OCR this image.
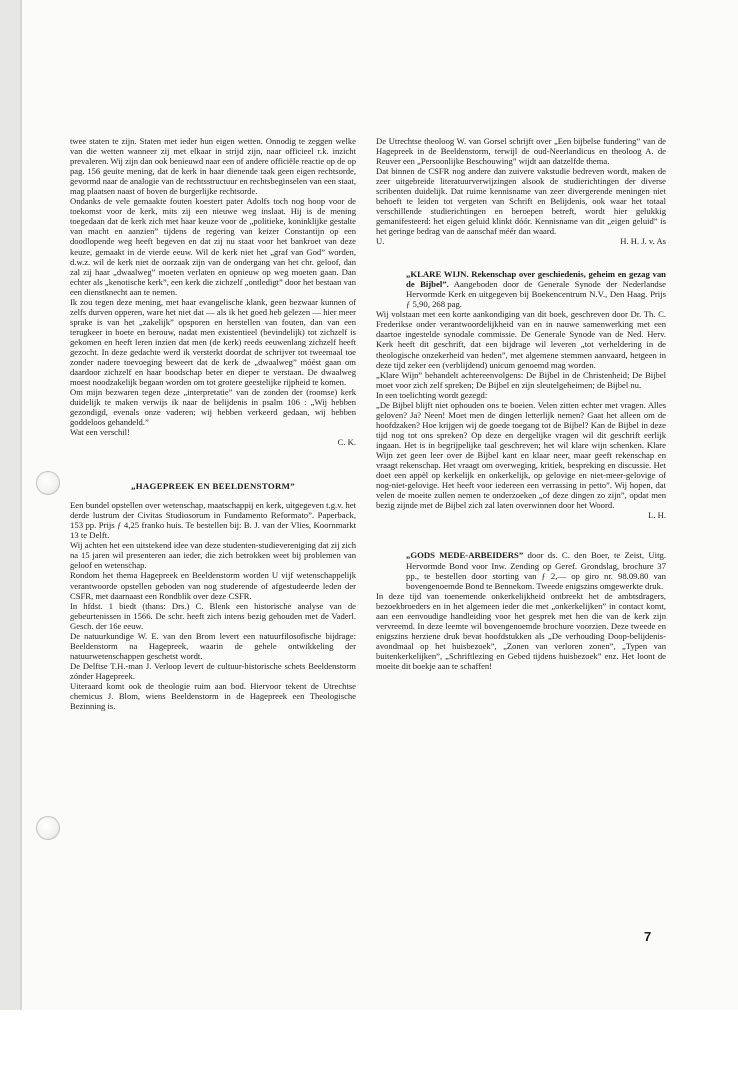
twee staten te zijn. Staten met ieder hun eigen wetten. Onnodig te zeggen welke van die wetten wanneer zij met elkaar in strijd zijn, naar officieel r.k. inzicht prevaleren. Wij zijn dan ook benieuwd naar een of andere officiële reactie op de op pag. 156 geuite mening, dat de kerk in haar dienende taak geen eigen rechtsorde, gevormd naar de analogie van de rechtsstructuur en rechtsbeginselen van een staat, mag plaatsen naast of boven de burgerlijke rechtsorde.

Ondanks de vele gemaakte fouten koestert pater Adolfs toch nog hoop voor de toekomst voor de kerk, mits zij een nieuwe weg inslaat. Hij is de mening toegedaan dat de kerk zich met haar keuze voor de „politieke, koninklijke gestalte van macht en aanzien” tijdens de regering van keizer Constantijn op een doodlopende weg heeft begeven en dat zij nu staat voor het bankroet van deze keuze, gemaakt in de vierde eeuw. Wil de kerk niet het „graf van God” worden, d.w.z. wil de kerk niet de oorzaak zijn van de ondergang van het chr. geloof, dan zal zij haar „dwaalweg” moeten verlaten en opnieuw op weg moeten gaan. Dan echter als „kenotische kerk”, een kerk die zichzelf „ontledigt” door het bestaan van een dienstknecht aan te nemen.

Ik zou tegen deze mening, met haar evangelische klank, geen bezwaar kunnen of zelfs durven opperen, ware het niet dat — als ik het goed heb gelezen — hier meer sprake is van het „zakelijk” opsporen en herstellen van fouten, dan van een terugkeer in boete en berouw, nadat men existentieel (bevindelijk) tot zichzelf is gekomen en heeft leren inzien dat men (de kerk) reeds eeuwenlang zichzelf heeft gezocht. In deze gedachte werd ik versterkt doordat de schrijver tot tweemaal toe zonder nadere toevoeging beweert dat de kerk de „dwaalweg” móést gaan om daardoor zichzelf en haar boodschap beter en dieper te verstaan. De dwaalweg moest noodzakelijk begaan worden om tot grotere geestelijke rijpheid te komen.

Om mijn bezwaren tegen deze „interpretatie” van de zonden der (roomse) kerk duidelijk te maken verwijs ik naar de belijdenis in psalm 106 : „Wij hebben gezondigd, evenals onze vaderen; wij hebben verkeerd gedaan, wij hebben goddeloos gehandeld.”

Wat een verschil!

C. K.

„HAGEPREEK EN BEELDENSTORM”

Een bundel opstellen over wetenschap, maatschappij en kerk, uitgegeven t.g.v. het derde lustrum der Civitas Studiosorum in Fundamento Reformato”. Paperback, 153 pp. Prijs ƒ 4,25 franko huis. Te bestellen bij: B. J. van der Vlies, Koornmarkt 13 te Delft.

Wij achten het een uitstekend idee van deze studenten-studievereniging dat zij zich na 15 jaren wil presenteren aan ieder, die zich betrokken weet bij problemen van geloof en wetenschap.

Rondom het thema Hagepreek en Beeldenstorm worden U vijf wetenschappelijk verantwoorde opstellen geboden van nog studerende of afgestudeerde leden der CSFR, met daarnaast een Rondblik over deze CSFR.

In hfdst. 1 biedt (thans: Drs.) C. Blenk een historische analyse van de gebeurtenissen in 1566. De schr. heeft zich intens bezig gehouden met de Vaderl. Gesch. der 16e eeuw.

De natuurkundige W. E. van den Brom levert een natuurfilosofische bijdrage: Beeldenstorm na Hagepreek, waarin de gehele ontwikkeling der natuurwetenschappen geschetst wordt.

De Delftse T.H.-man J. Verloop levert de cultuur-historische schets Beeldenstorm zónder Hagepreek.

Uiteraard komt ook de theologie ruim aan bod. Hiervoor tekent de Utrechtse chemicus J. Blom, wiens Beeldenstorm in de Hagepreek een Theologische Bezinning is.

De Utrechtse theoloog W. van Gorsel schrijft over „Een bijbelse fundering” van de Hagepreek in de Beeldenstorm, terwijl de oud-Neerlandicus en theoloog A. de Reuver een „Persoonlijke Beschouwing” wijdt aan datzelfde thema.

Dat binnen de CSFR nog andere dan zuivere vakstudie bedreven wordt, maken de zeer uitgebreide literatuurverwijzingen alsook de studierichtingen der diverse scribenten duidelijk. Dat ruime kennisname van zeer divergerende meningen niet behoeft te leiden tot vergeten van Schrift en Belijdenis, ook waar het totaal verschillende studierichtingen en beroepen betreft, wordt hier gelukkig gemanifesteerd: het eigen geluid klinkt dóór. Kennisname van dit „eigen geluid” is het geringe bedrag van de aanschaf méér dan waard.

U.	H. H. J. v. As

„KLARE WIJN. Rekenschap over geschiedenis, geheim en gezag van de Bijbel”. Aangeboden door de Generale Synode der Nederlandse Hervormde Kerk en uitgegeven bij Boekencentrum N.V., Den Haag. Prijs ƒ 5,90, 268 pag.

Wij volstaan met een korte aankondiging van dit boek, geschreven door Dr. Th. C. Frederikse onder verantwoordelijkheid van en in nauwe samenwerking met een daartoe ingestelde synodale commissie. De Generale Synode van de Ned. Herv. Kerk heeft dit geschrift, dat een bijdrage wil leveren „tot verheldering in de theologische onzekerheid van heden”, met algemene stemmen aanvaard, hetgeen in deze tijd zeker een (verblijdend) unicum genoemd mag worden.

„Klare Wijn” behandelt achtereenvolgens: De Bijbel in de Christenheid; De Bijbel moet voor zich zelf spreken; De Bijbel en zijn sleutelgeheimen; de Bijbel nu.

In een toelichting wordt gezegd:

„De Bijbel blijft niet ophouden ons te boeien. Velen zitten echter met vragen. Alles geloven? Ja? Neen! Moet men de dingen letterlijk nemen? Gaat het alleen om de hoofdzaken? Hoe krijgen wij de goede toegang tot de Bijbel? Kan de Bijbel in deze tijd nog tot ons spreken? Op deze en dergelijke vragen wil dit geschrift eerlijk ingaan. Het is in begrijpelijke taal geschreven; het wil klare wijn schenken. Klare Wijn zet geen leer over de Bijbel kant en klaar neer, maar geeft rekenschap en vraagt rekenschap. Het vraagt om overweging, kritiek, bespreking en discussie. Het doet een appèl op kerkelijk en onkerkelijk, op gelovige en niet-meer-gelovige of nog-niet-gelovige. Het heeft voor iedereen een verrassing in petto”. Wij hopen, dat velen de moeite zullen nemen te onderzoeken „of deze dingen zo zijn”, opdat men bezig zijnde met de Bijbel zich zal laten overwinnen door het Woord.

L. H.

„GODS MEDE-ARBEIDERS” door ds. C. den Boer, te Zeist, Uitg. Hervormde Bond voor Inw. Zending op Geref. Grondslag, brochure 37 pp., te bestellen door storting van ƒ 2,— op giro nr. 98.09.80 van bovengenoemde Bond te Bennekom. Tweede enigszins omgewerkte druk.

In deze tijd van toenemende onkerkelijkheid ontbreekt het de ambtsdragers, bezoekbroeders en in het algemeen ieder die met „onkerkelijken” in contact komt, aan een eenvoudige handleiding voor het gesprek met hen die van de kerk zijn vervreemd. In deze leemte wil bovengenoemde brochure voorzien. Deze tweede en enigszins herziene druk bevat hoofdstukken als „De verhouding Doop-belijdenis-avondmaal op het huisbezoek”, „Zonen van verloren zonen”, „Typen van buitenkerkelijken”, „Schriftlezing en Gebed tijdens huisbezoek” enz. Het loont de moeite dit boekje aan te schaffen!

7
